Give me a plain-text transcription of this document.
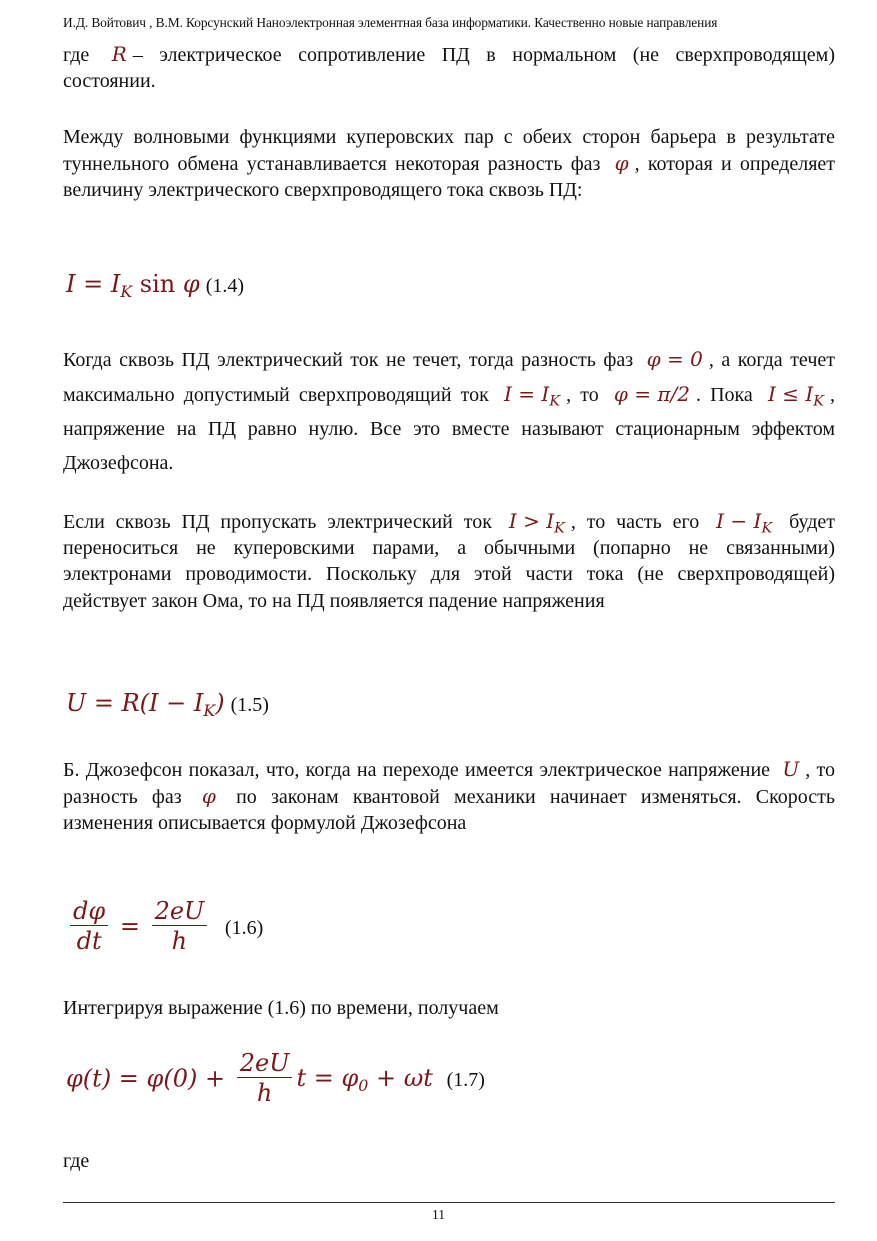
И.Д. Войтович , В.М. Корсунский Наноэлектронная элементная база информатики. Качественно новые направления

где R – электрическое сопротивление ПД в нормальном (не сверхпроводящем) состоянии.

Между волновыми функциями куперовских пар с обеих сторон барьера в результате туннельного обмена устанавливается некоторая разность фаз φ , которая и определяет величину электрического сверхпроводящего тока сквозь ПД:

$I = I_K$ sin φ (1.4)

Когда сквозь ПД электрический ток не течет, тогда разность фаз φ = 0 , а когда течет максимально допустимый сверхпроводящий ток $I = I_K$ , то φ = π/2 . Пока $I \le I_K$ , напряжение на ПД равно нулю. Все это вместе называют стационарным эффектом Джозефсона.

Если сквозь ПД пропускать электрический ток $I > I_K$ , то часть его $I - I_K$ будет переноситься не куперовскими парами, а обычными (попарно не связанными) электронами проводимости. Поскольку для этой части тока (не сверхпроводящей) действует закон Ома, то на ПД появляется падение напряжения

$U = R(I - I_K)$ (1.5)

Б. Джозефсон показал, что, когда на переходе имеется электрическое напряжение U , то разность фаз φ по законам квантовой механики начинает изменяться. Скорость изменения описывается формулой Джозефсона

$\frac{d\varphi}{dt} = \frac{2eU}{h} (1.6)$

Интегрируя выражение (1.6) по времени, получаем

$\varphi(t) = \varphi(0) + \frac{2eU}{h}$ $t = \varphi_0 + \omega t$ (1.7)

где

11
